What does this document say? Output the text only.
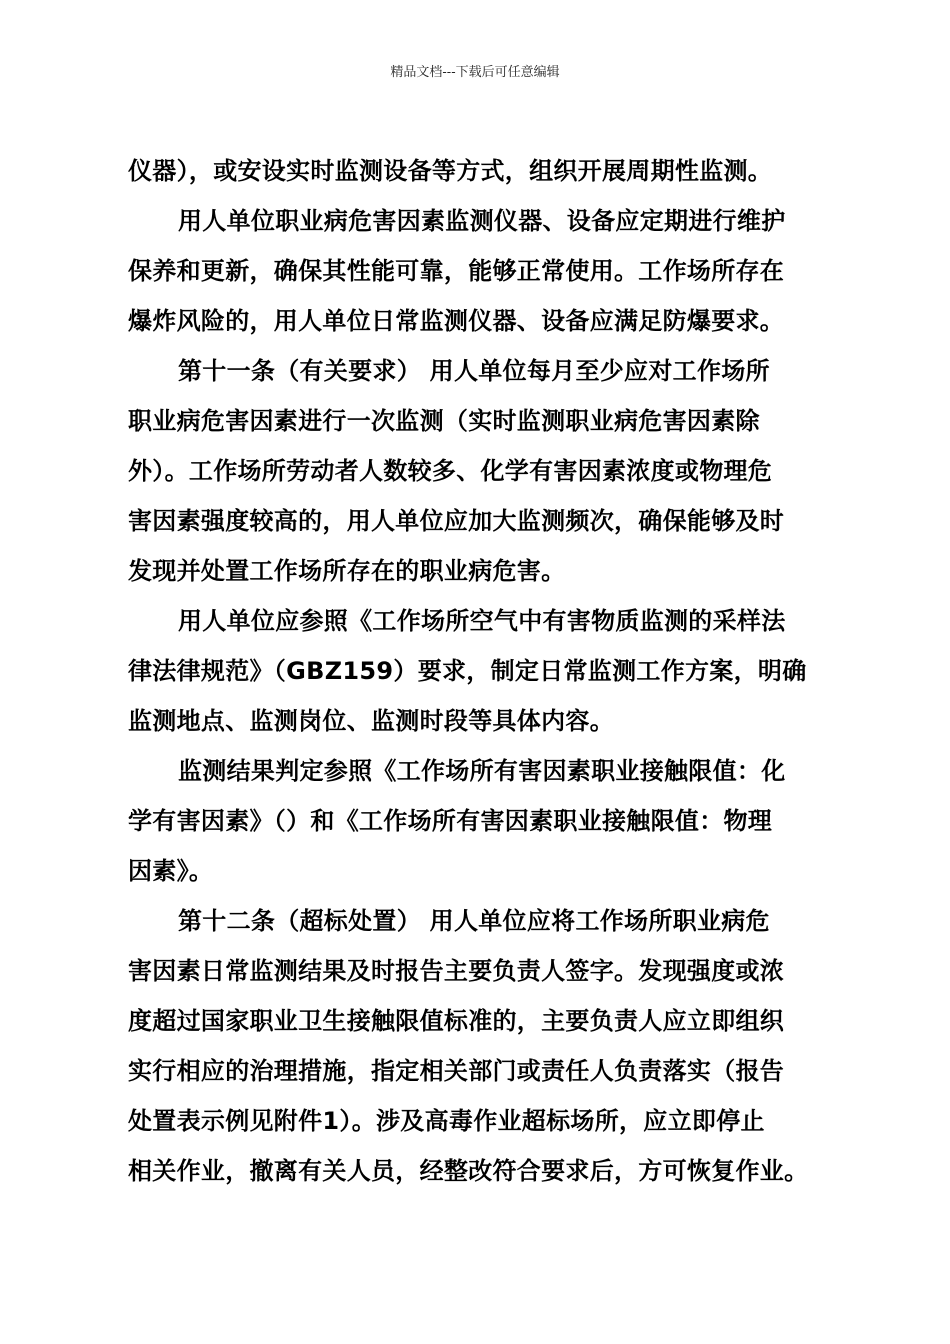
精品文档---下载后可任意编辑
仪器），或安设实时监测设备等方式，组织开展周期性监测。
用人单位职业病危害因素监测仪器、设备应定期进行维护
保养和更新，确保其性能可靠，能够正常使用。工作场所存在
爆炸风险的，用人单位日常监测仪器、设备应满足防爆要求。
第十一条（有关要求） 用人单位每月至少应对工作场所
职业病危害因素进行一次监测（实时监测职业病危害因素除
外）。工作场所劳动者人数较多、化学有害因素浓度或物理危
害因素强度较高的，用人单位应加大监测频次，确保能够及时
发现并处置工作场所存在的职业病危害。
用人单位应参照《工作场所空气中有害物质监测的采样法
律法律规范》（GBZ159）要求，制定日常监测工作方案，明确
监测地点、监测岗位、监测时段等具体内容。
监测结果判定参照《工作场所有害因素职业接触限值：化
学有害因素》（）和《工作场所有害因素职业接触限值：物理
因素》。
第十二条（超标处置） 用人单位应将工作场所职业病危
害因素日常监测结果及时报告主要负责人签字。发现强度或浓
度超过国家职业卫生接触限值标准的，主要负责人应立即组织
实行相应的治理措施，指定相关部门或责任人负责落实（报告
处置表示例见附件1）。涉及高毒作业超标场所，应立即停止
相关作业，撤离有关人员，经整改符合要求后，方可恢复作业。
